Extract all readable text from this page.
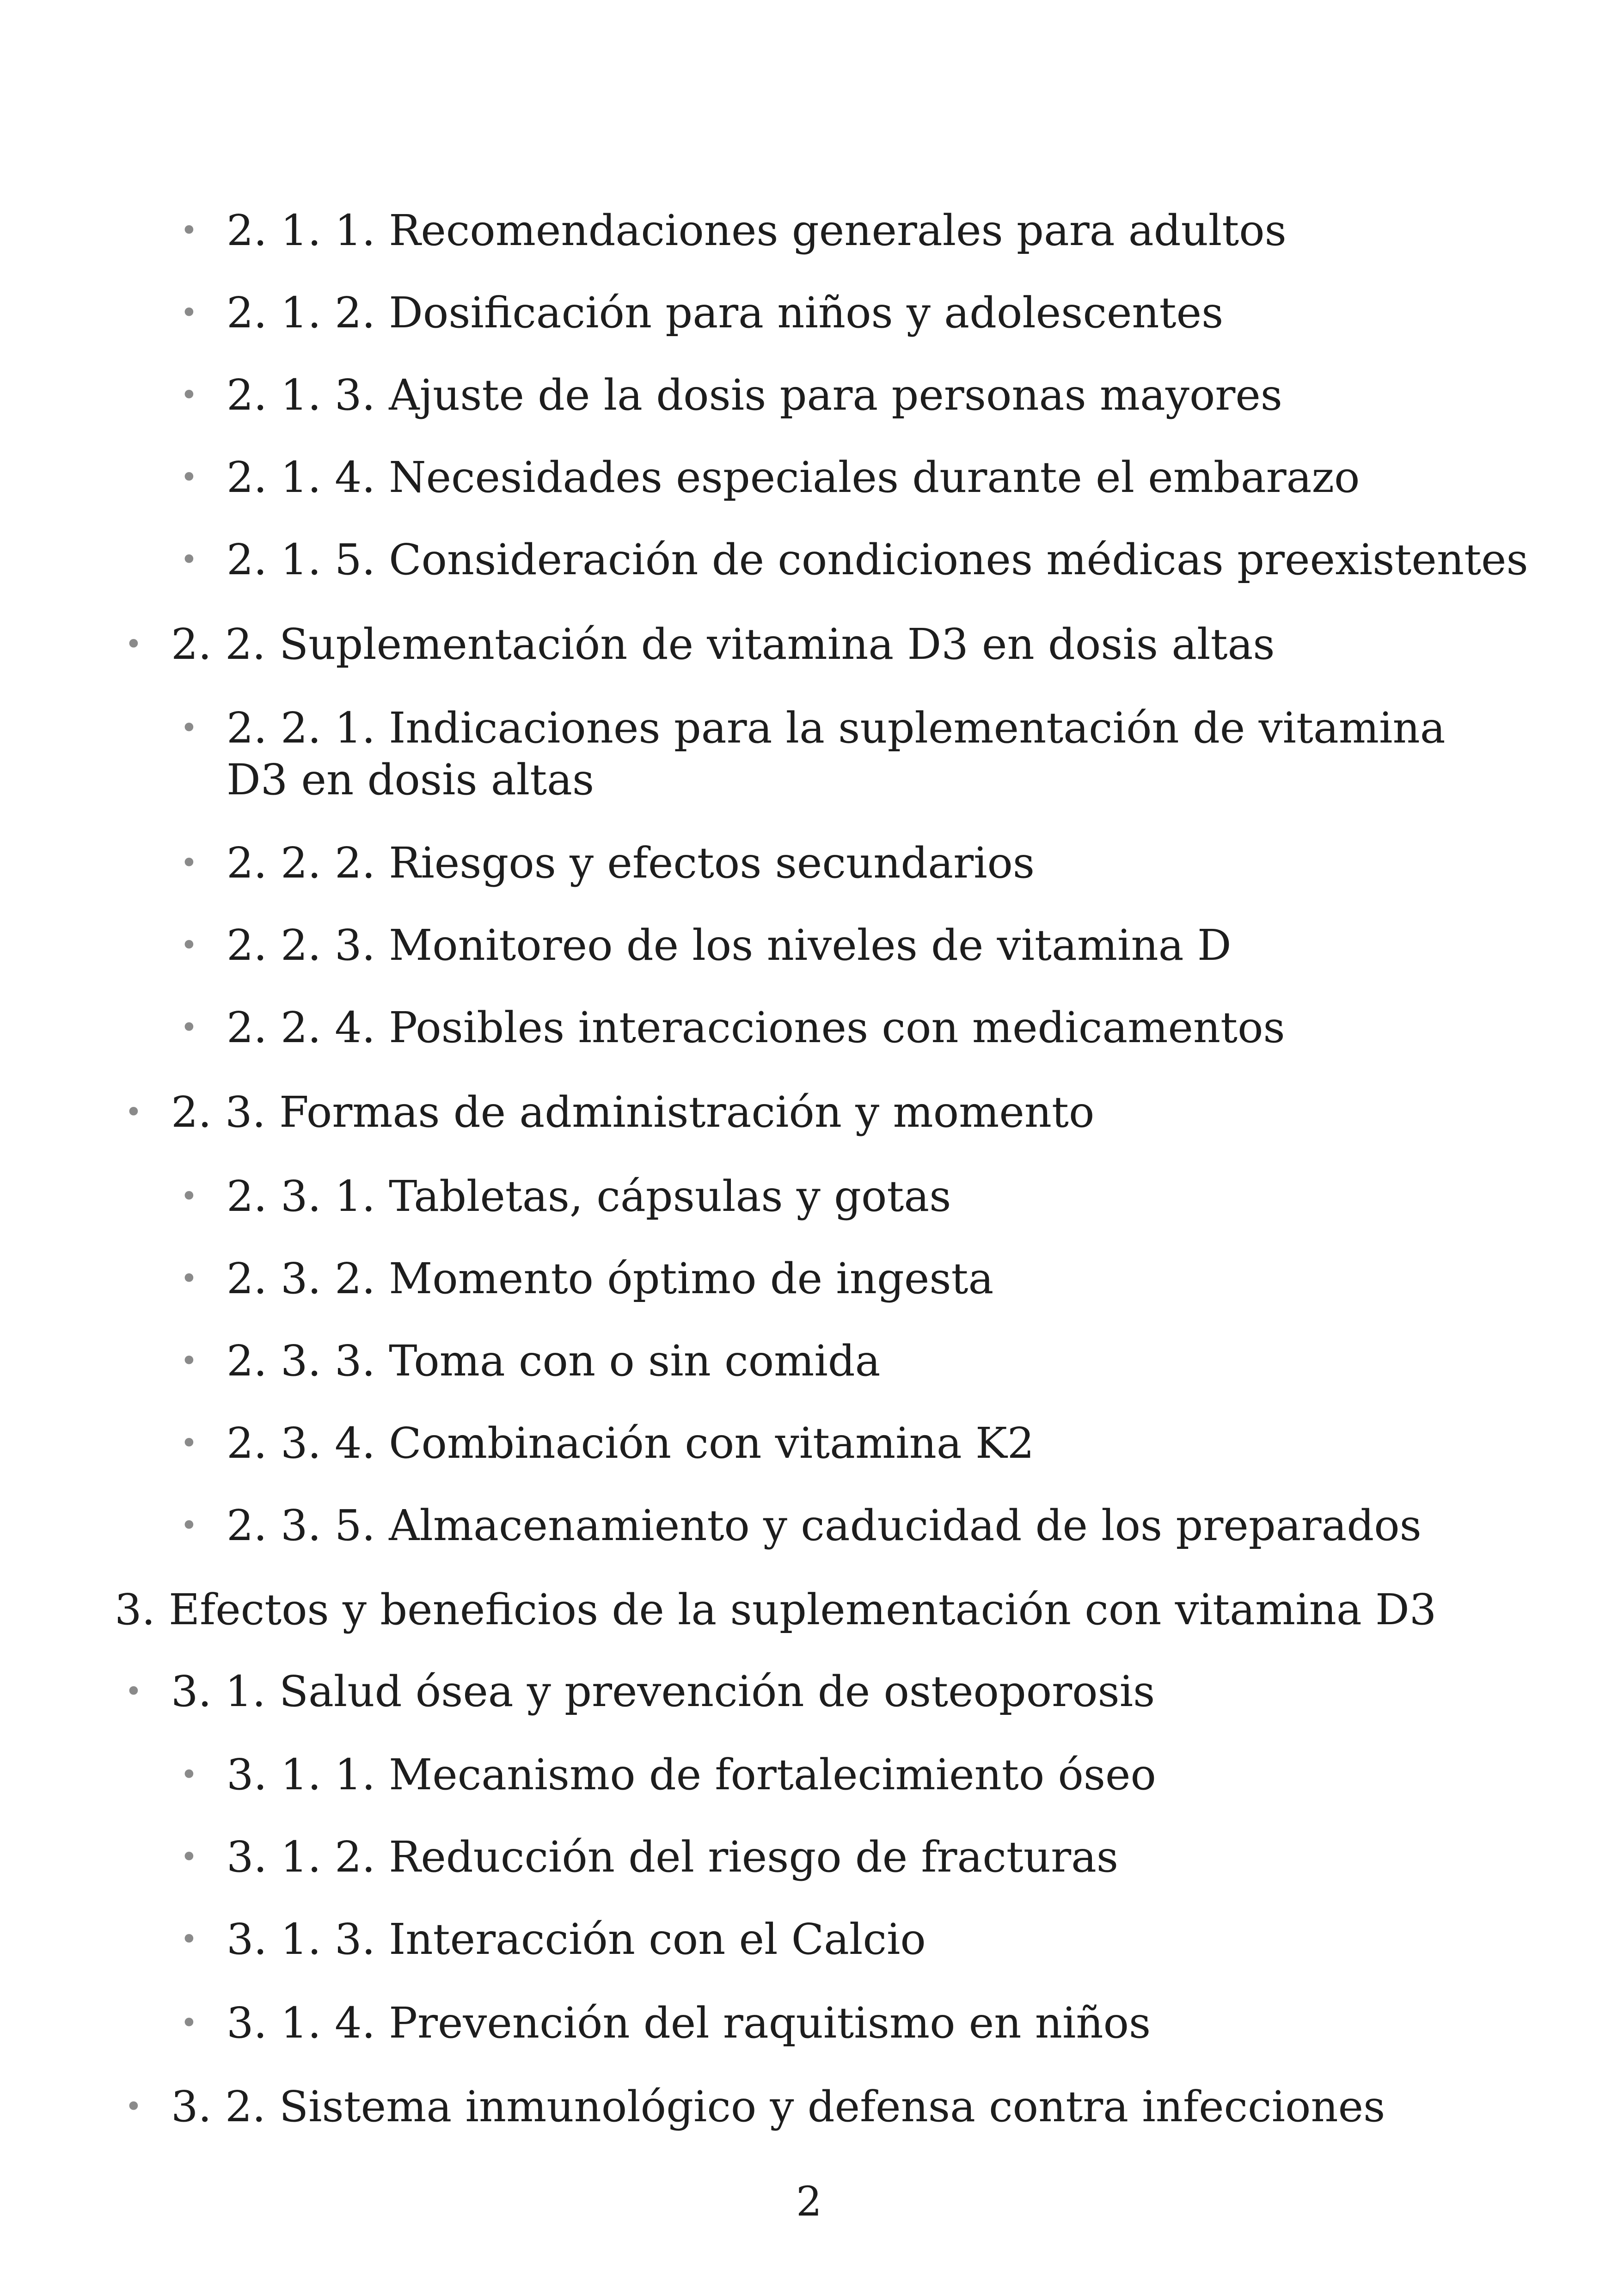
• 2. 1. 1. Recomendaciones generales para adultos
• 2. 1. 2. Dosificación para niños y adolescentes
• 2. 1. 3. Ajuste de la dosis para personas mayores
• 2. 1. 4. Necesidades especiales durante el embarazo
• 2. 1. 5. Consideración de condiciones médicas preexistentes
• 2. 2. Suplementación de vitamina D3 en dosis altas
• 2. 2. 1. Indicaciones para la suplementación de vitamina D3 en dosis altas
• 2. 2. 2. Riesgos y efectos secundarios
• 2. 2. 3. Monitoreo de los niveles de vitamina D
• 2. 2. 4. Posibles interacciones con medicamentos
• 2. 3. Formas de administración y momento
• 2. 3. 1. Tabletas, cápsulas y gotas
• 2. 3. 2. Momento óptimo de ingesta
• 2. 3. 3. Toma con o sin comida
• 2. 3. 4. Combinación con vitamina K2
• 2. 3. 5. Almacenamiento y caducidad de los preparados
3. Efectos y beneficios de la suplementación con vitamina D3
• 3. 1. Salud ósea y prevención de osteoporosis
• 3. 1. 1. Mecanismo de fortalecimiento óseo
• 3. 1. 2. Reducción del riesgo de fracturas
• 3. 1. 3. Interacción con el Calcio
• 3. 1. 4. Prevención del raquitismo en niños
• 3. 2. Sistema inmunológico y defensa contra infecciones
2
